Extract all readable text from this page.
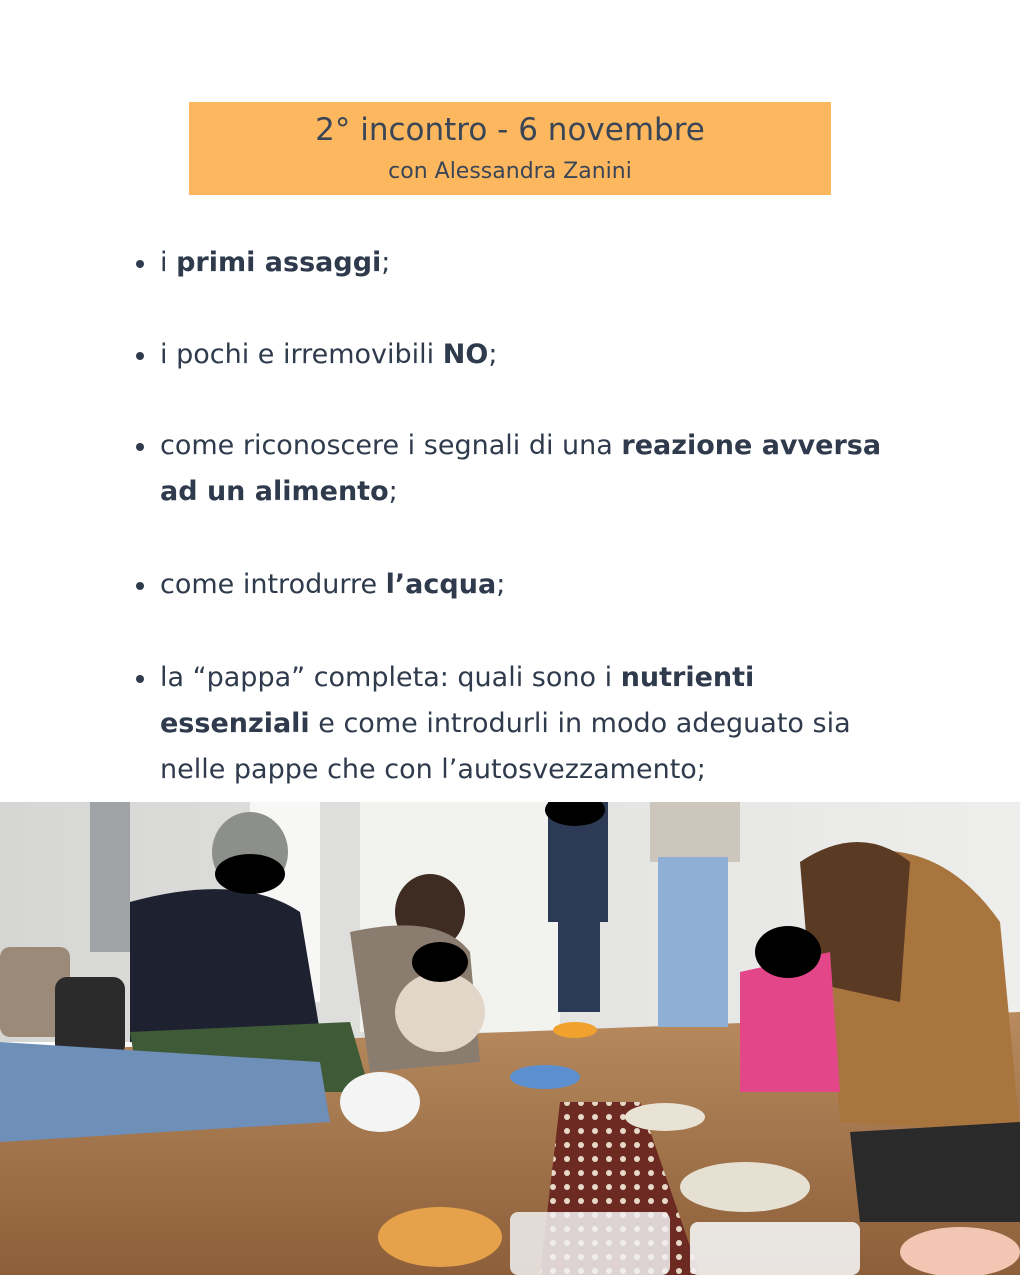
2° incontro - 6 novembre
con Alessandra Zanini
i primi assaggi;
i pochi e irremovibili NO;
come riconoscere i segnali di una reazione avversa ad un alimento;
come introdurre l’acqua;
la “pappa” completa: quali sono i nutrienti essenziali e come introdurli in modo adeguato sia nelle pappe che con l’autosvezzamento;
